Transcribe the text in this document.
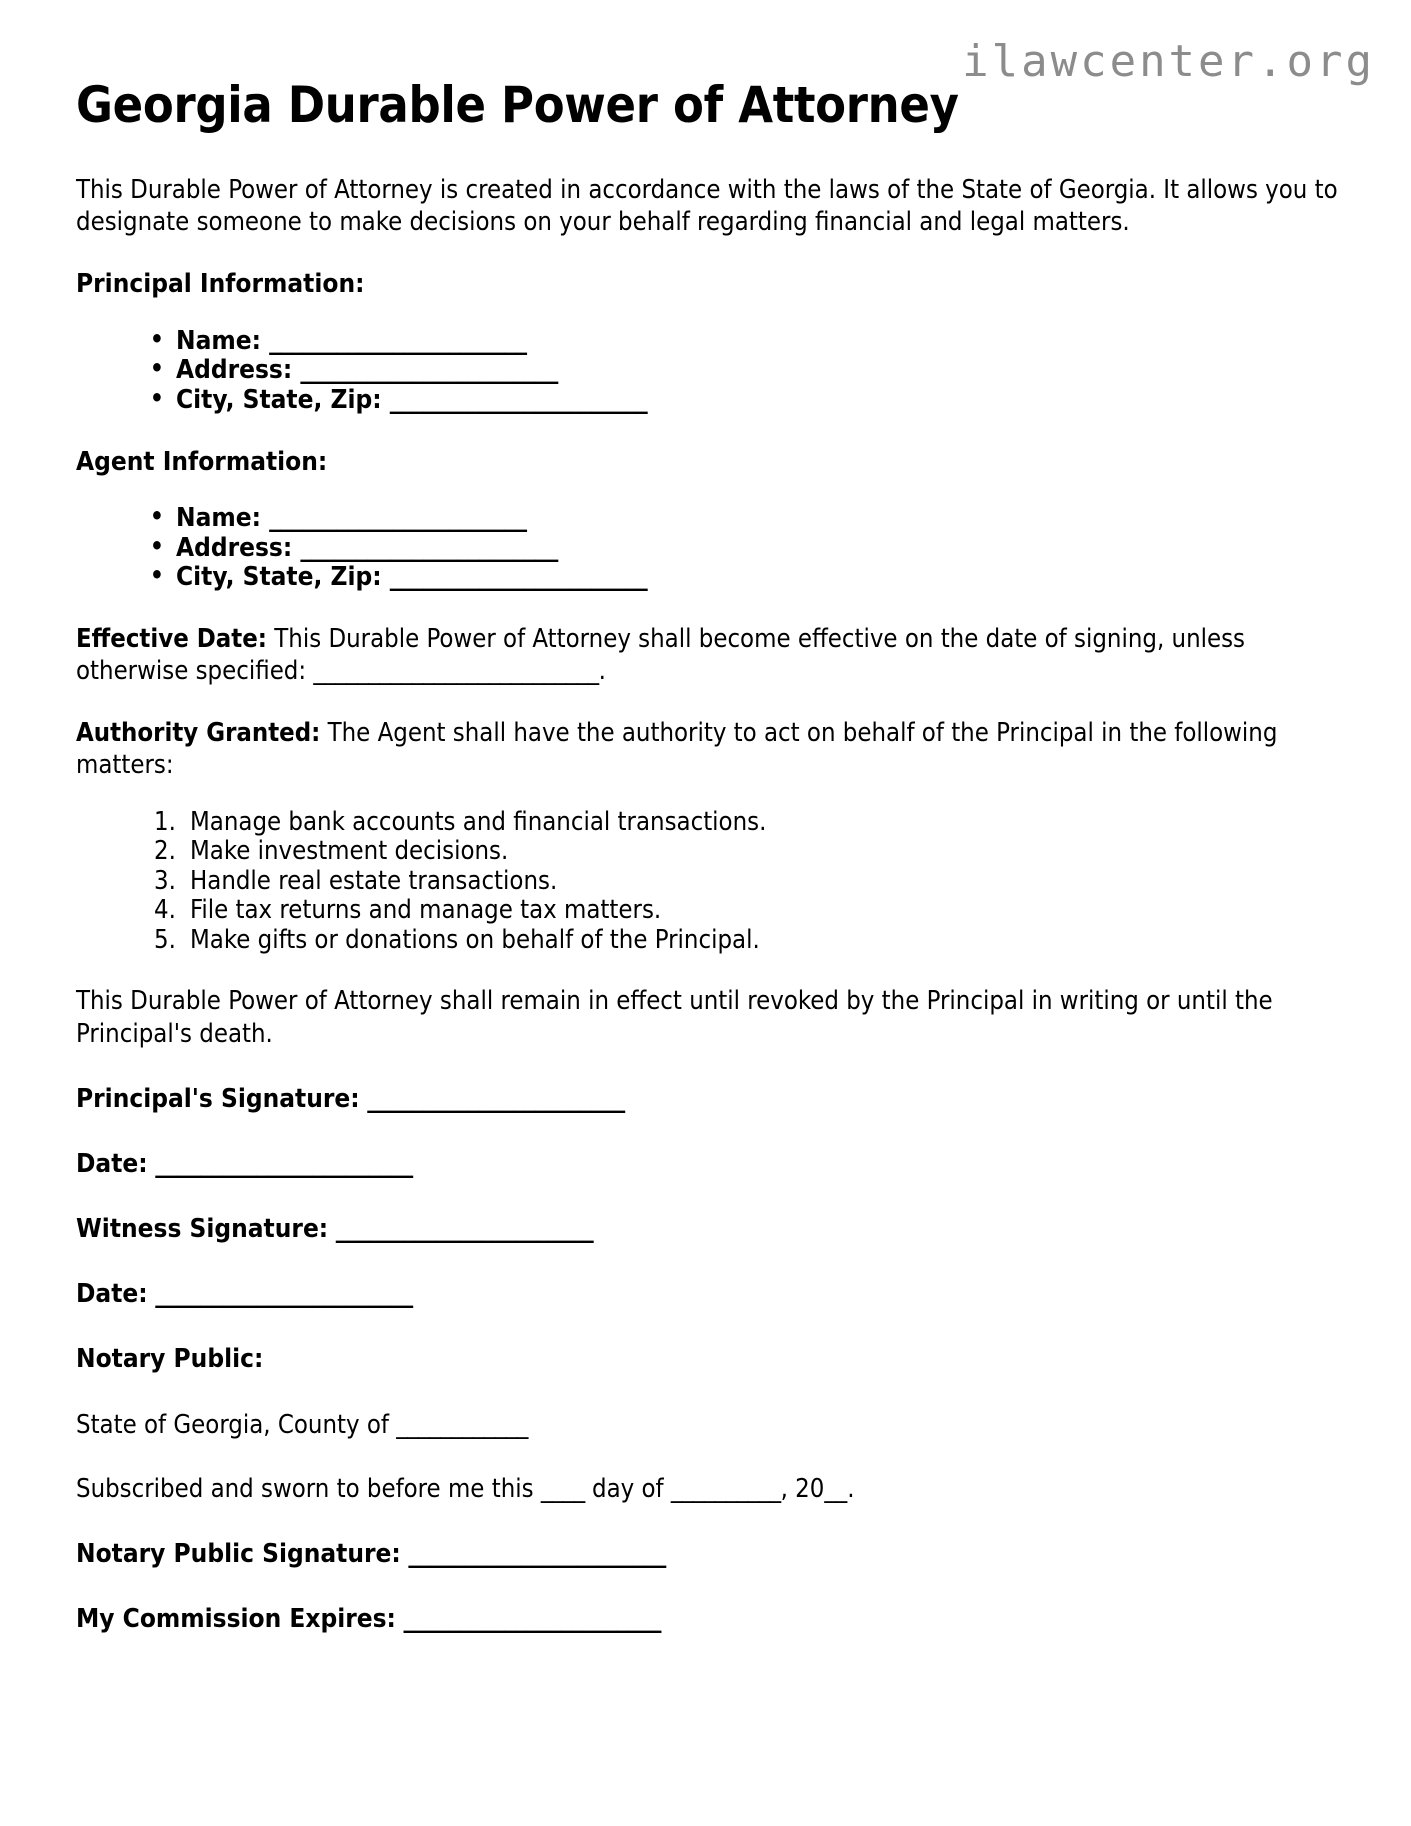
ilawcenter.org
Georgia Durable Power of Attorney

This Durable Power of Attorney is created in accordance with the laws of the State of Georgia. It allows you to designate someone to make decisions on your behalf regarding financial and legal matters.

Principal Information:

• Name: _______________________
• Address: _______________________
• City, State, Zip: _______________________

Agent Information:

• Name: _______________________
• Address: _______________________
• City, State, Zip: _______________________

Effective Date: This Durable Power of Attorney shall become effective on the date of signing, unless otherwise specified: __________________________.

Authority Granted: The Agent shall have the authority to act on behalf of the Principal in the following matters:

Manage bank accounts and financial transactions.
Make investment decisions.
Handle real estate transactions.
File tax returns and manage tax matters.
Make gifts or donations on behalf of the Principal.

This Durable Power of Attorney shall remain in effect until revoked by the Principal in writing or until the Principal's death.

Principal's Signature: _______________________

Date: _______________________

Witness Signature: _______________________

Date: _______________________

Notary Public:

State of Georgia, County of ____________

Subscribed and sworn to before me this ____ day of __________, 20__.

Notary Public Signature: _______________________

My Commission Expires: _______________________
